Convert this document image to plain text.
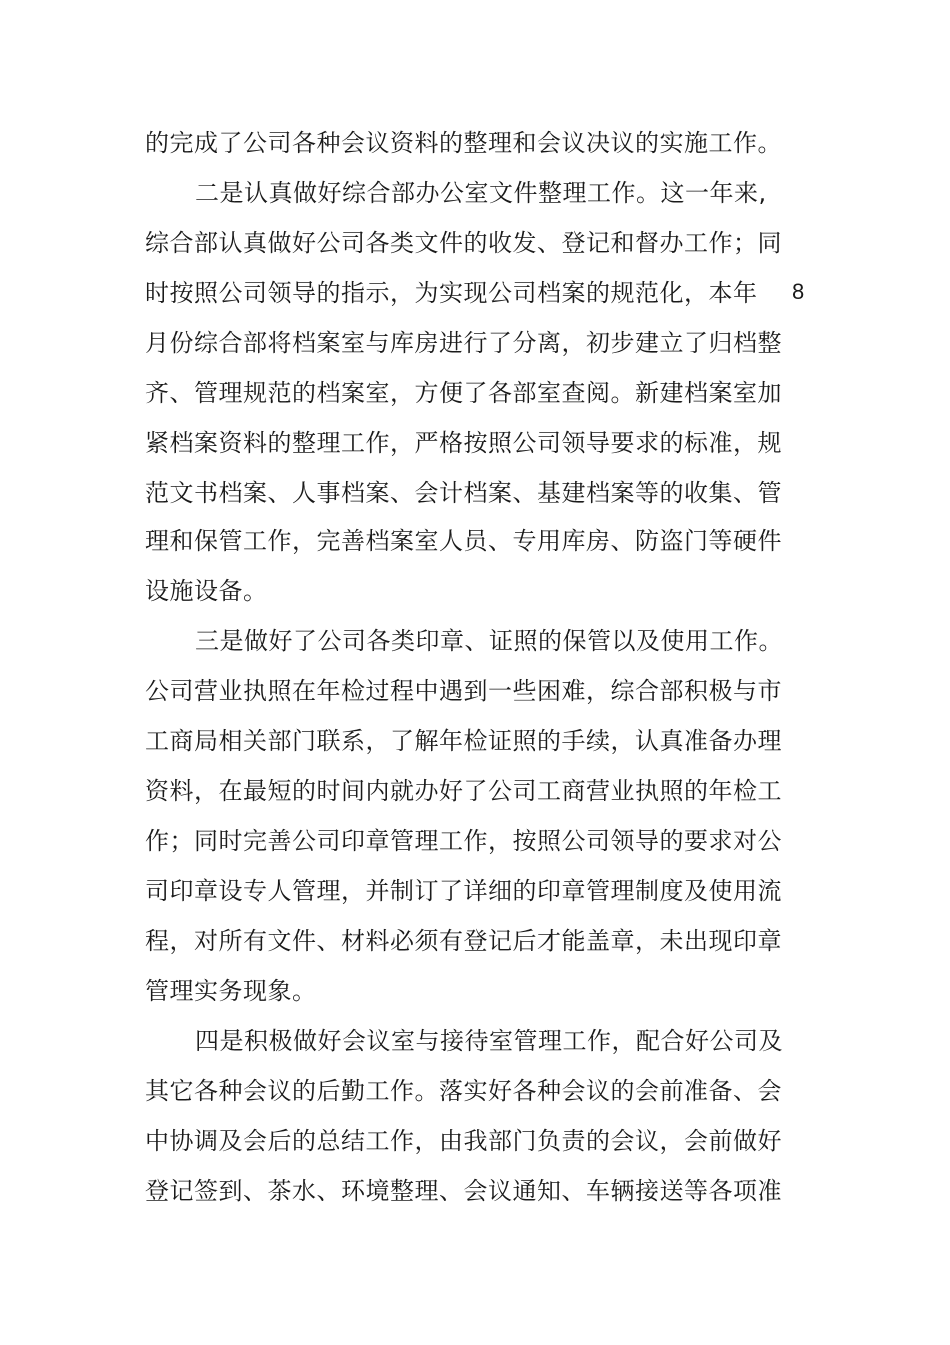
的完成了公司各种会议资料的整理和会议决议的实施工作。
二是认真做好综合部办公室文件整理工作。这一年来,
综合部认真做好公司各类文件的收发、登记和督办工作；同
时按照公司领导的指示，为实现公司档案的规范化，本年 8
月份综合部将档案室与库房进行了分离，初步建立了归档整
齐、管理规范的档案室，方便了各部室查阅。新建档案室加
紧档案资料的整理工作，严格按照公司领导要求的标准，规
范文书档案、人事档案、会计档案、基建档案等的收集、管
理和保管工作，完善档案室人员、专用库房、防盗门等硬件
设施设备。
三是做好了公司各类印章、证照的保管以及使用工作。
公司营业执照在年检过程中遇到一些困难，综合部积极与市
工商局相关部门联系，了解年检证照的手续，认真准备办理
资料，在最短的时间内就办好了公司工商营业执照的年检工
作；同时完善公司印章管理工作，按照公司领导的要求对公
司印章设专人管理，并制订了详细的印章管理制度及使用流
程，对所有文件、材料必须有登记后才能盖章，未出现印章
管理实务现象。
四是积极做好会议室与接待室管理工作，配合好公司及
其它各种会议的后勤工作。落实好各种会议的会前准备、会
中协调及会后的总结工作，由我部门负责的会议，会前做好
登记签到、茶水、环境整理、会议通知、车辆接送等各项准
